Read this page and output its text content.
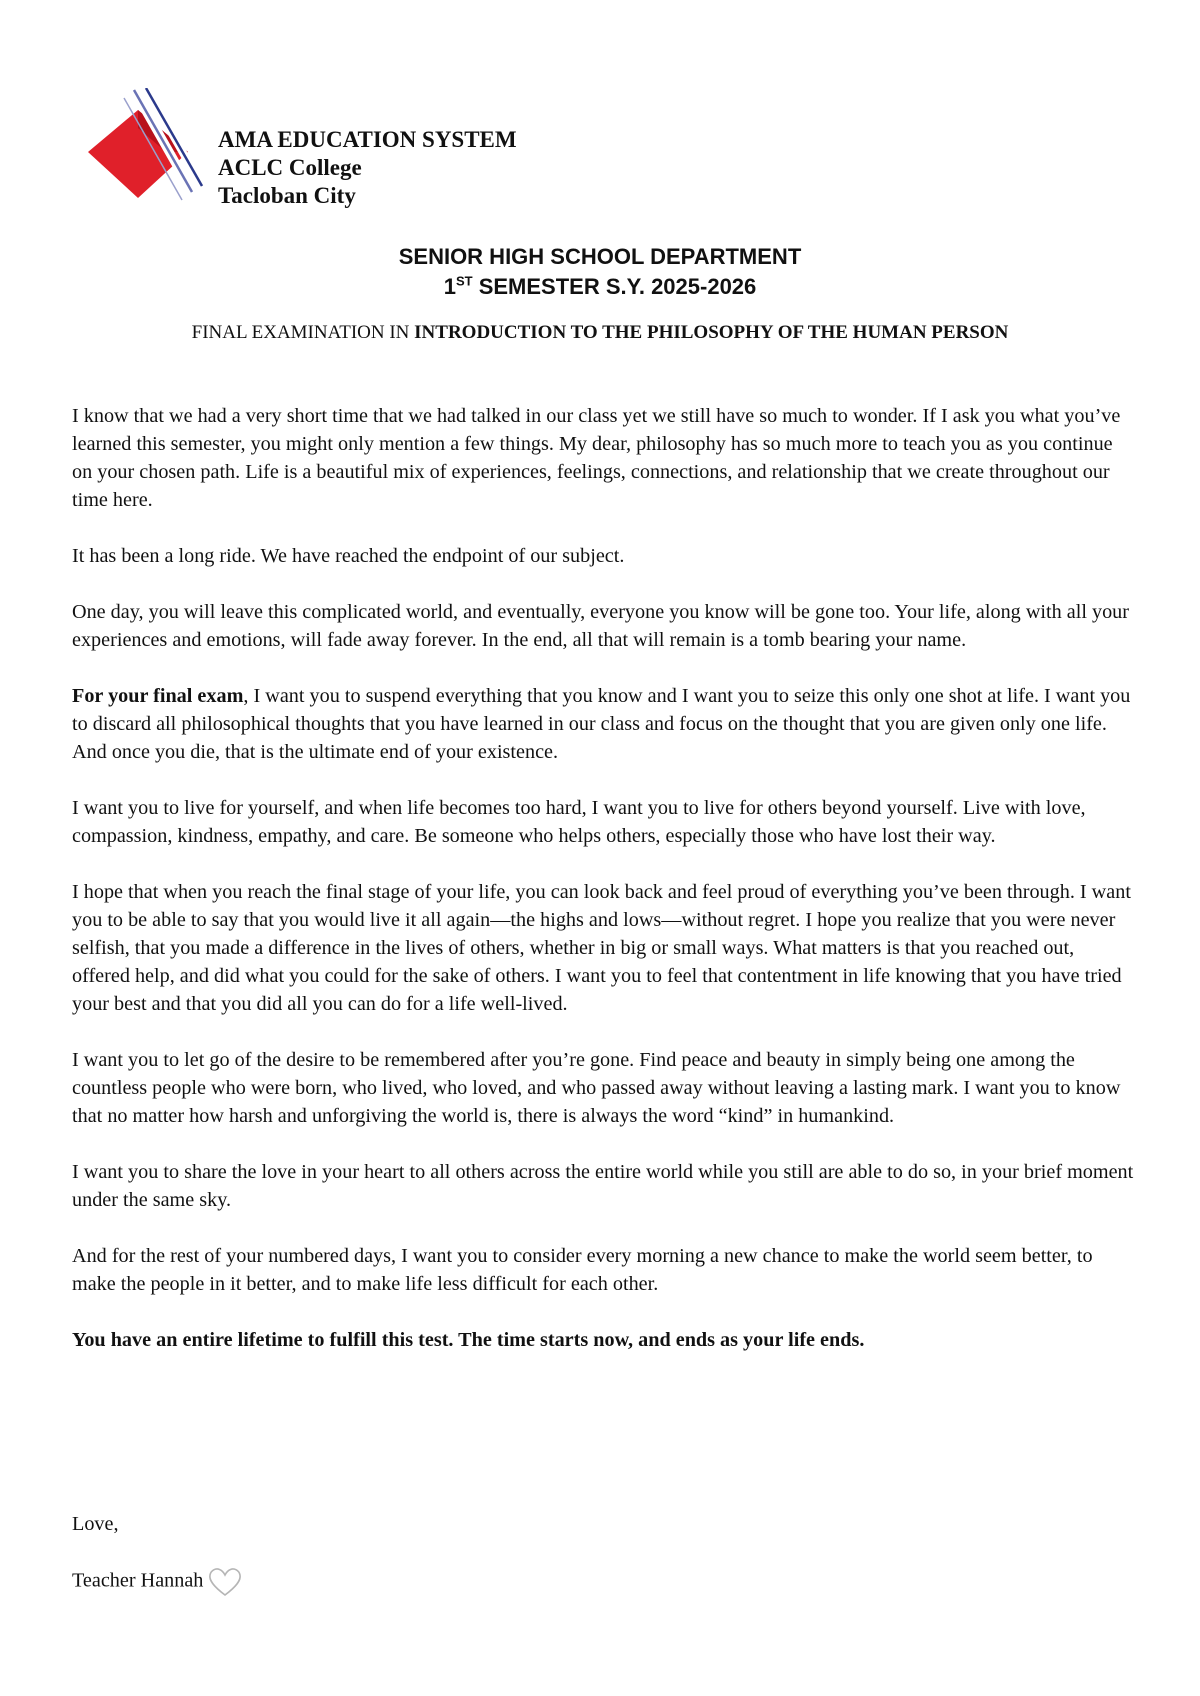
AMA EDUCATION SYSTEM
ACLC College
Tacloban City
SENIOR HIGH SCHOOL DEPARTMENT
1ST SEMESTER S.Y. 2025-2026
FINAL EXAMINATION IN INTRODUCTION TO THE PHILOSOPHY OF THE HUMAN PERSON

I know that we had a very short time that we had talked in our class yet we still have so much to wonder. If I ask you what you’ve learned this semester, you might only mention a few things. My dear, philosophy has so much more to teach you as you continue on your chosen path. Life is a beautiful mix of experiences, feelings, connections, and relationship that we create throughout our time here.

It has been a long ride. We have reached the endpoint of our subject.

One day, you will leave this complicated world, and eventually, everyone you know will be gone too. Your life, along with all your experiences and emotions, will fade away forever. In the end, all that will remain is a tomb bearing your name.

For your final exam, I want you to suspend everything that you know and I want you to seize this only one shot at life. I want you to discard all philosophical thoughts that you have learned in our class and focus on the thought that you are given only one life. And once you die, that is the ultimate end of your existence.

I want you to live for yourself, and when life becomes too hard, I want you to live for others beyond yourself. Live with love, compassion, kindness, empathy, and care. Be someone who helps others, especially those who have lost their way.

I hope that when you reach the final stage of your life, you can look back and feel proud of everything you’ve been through. I want you to be able to say that you would live it all again—the highs and lows—without regret. I hope you realize that you were never selfish, that you made a difference in the lives of others, whether in big or small ways. What matters is that you reached out, offered help, and did what you could for the sake of others. I want you to feel that contentment in life knowing that you have tried your best and that you did all you can do for a life well-lived.

I want you to let go of the desire to be remembered after you’re gone. Find peace and beauty in simply being one among the countless people who were born, who lived, who loved, and who passed away without leaving a lasting mark. I want you to know that no matter how harsh and unforgiving the world is, there is always the word “kind” in humankind.

I want you to share the love in your heart to all others across the entire world while you still are able to do so, in your brief moment under the same sky.

And for the rest of your numbered days, I want you to consider every morning a new chance to make the world seem better, to make the people in it better, and to make life less difficult for each other.

You have an entire lifetime to fulfill this test. The time starts now, and ends as your life ends.

Love,

Teacher Hannah
